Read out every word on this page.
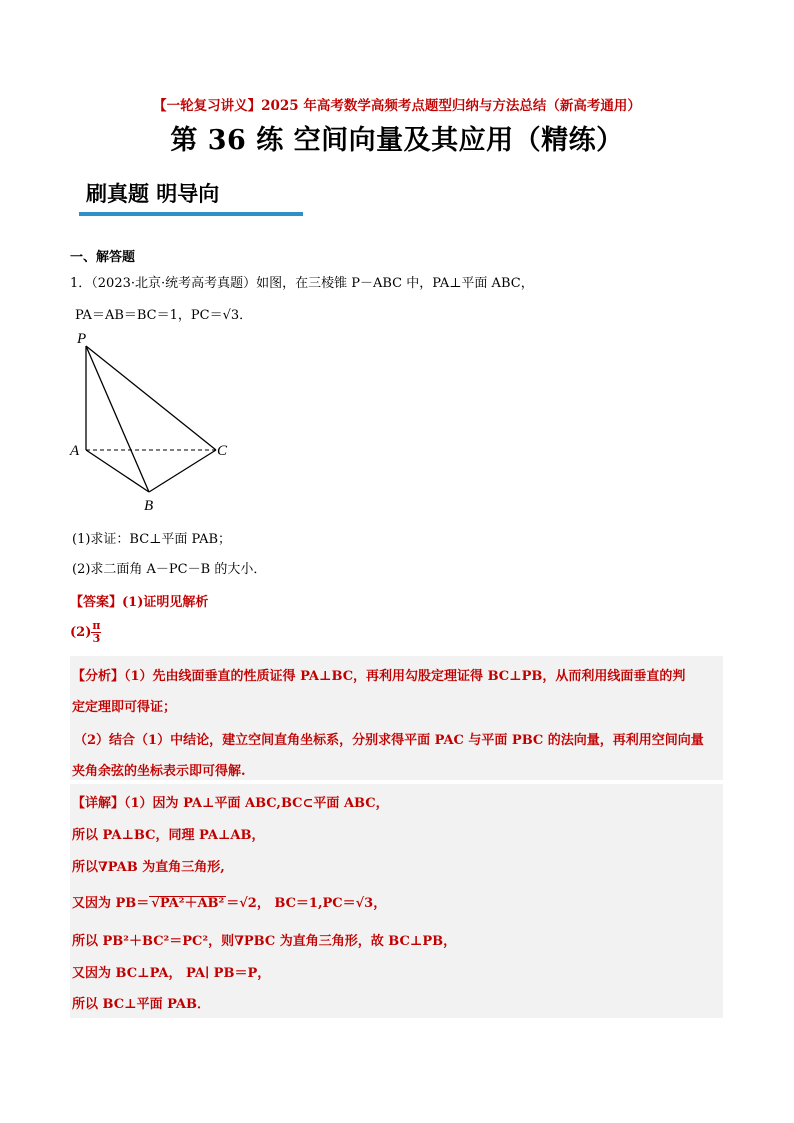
【一轮复习讲义】2025 年高考数学高频考点题型归纳与方法总结（新高考通用）
第 36 练 空间向量及其应用（精练）
刷真题 明导向
一、解答题
1．（2023·北京·统考高考真题）如图，在三棱锥 P－ABC 中，PA⊥平面 ABC，
PA＝AB＝BC＝1，PC＝√3．
P
A
B
C
(1)求证：BC⊥平面 PAB；
(2)求二面角 A－PC－B 的大小．
【答案】(1)证明见解析
$(2) \frac{\pi}{3}$
【分析】（1）先由线面垂直的性质证得 PA⊥BC，再利用勾股定理证得 BC⊥PB，从而利用线面垂直的判
定定理即可得证；
（2）结合（1）中结论，建立空间直角坐标系，分别求得平面 PAC 与平面 PBC 的法向量，再利用空间向量
夹角余弦的坐标表示即可得解.
【详解】（1）因为 PA⊥平面 ABC,BC⊂平面 ABC，
所以 PA⊥BC，同理 PA⊥AB，
所以∇PAB 为直角三角形,
又因为 PB＝ √PA²＋AB² ＝√2， BC＝1,PC＝√3，
所以 PB²＋BC²＝PC²，则∇PBC 为直角三角形，故 BC⊥PB，
又因为 BC⊥PA， PA∣ PB＝P，
所以 BC⊥平面 PAB．
